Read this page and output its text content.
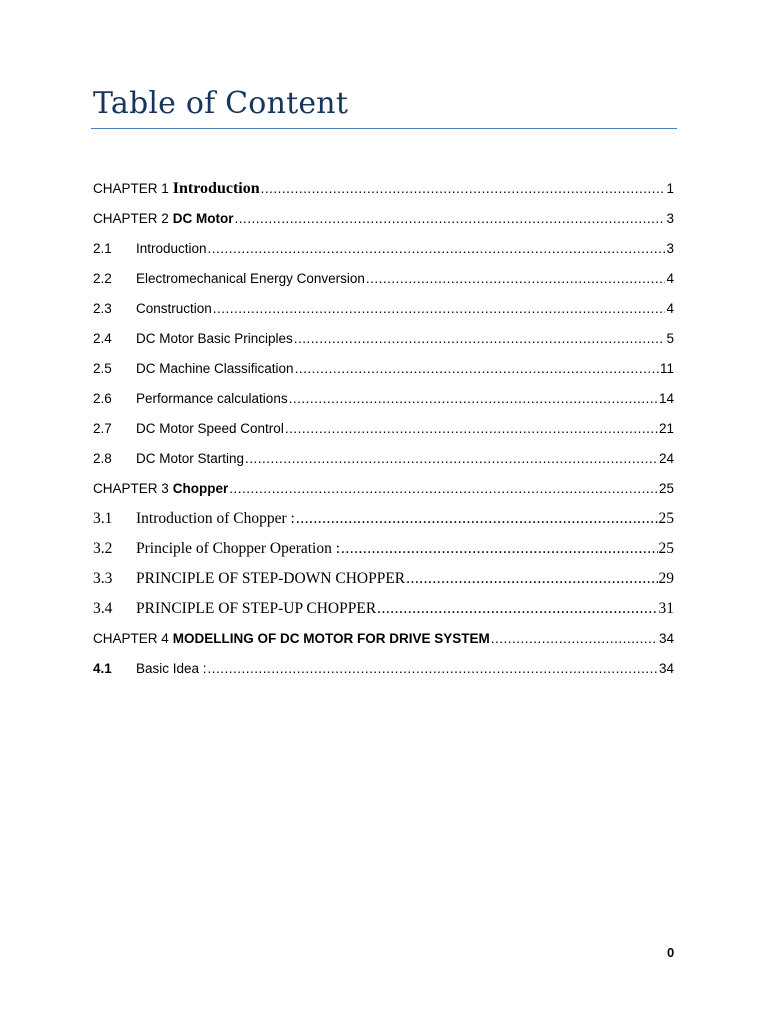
Table of Content
CHAPTER 1 Introduction .....	1
CHAPTER 2 DC Motor .....	3
2.1	Introduction .....	3
2.2	Electromechanical Energy Conversion .....	4
2.3	Construction .....	4
2.4	DC Motor Basic Principles .....	5
2.5	DC Machine Classification .....	11
2.6	Performance calculations .....	14
2.7	DC Motor Speed Control .....	21
2.8	DC Motor Starting .....	24
CHAPTER 3 Chopper .....	25
3.1	Introduction of Chopper : .....	25
3.2	Principle of Chopper Operation : .....	25
3.3	PRINCIPLE OF STEP-DOWN CHOPPER .....	29
3.4	PRINCIPLE OF STEP-UP CHOPPER .....	31
CHAPTER 4 MODELLING OF DC MOTOR FOR DRIVE SYSTEM .....	34
4.1	Basic Idea : .....	34
0
